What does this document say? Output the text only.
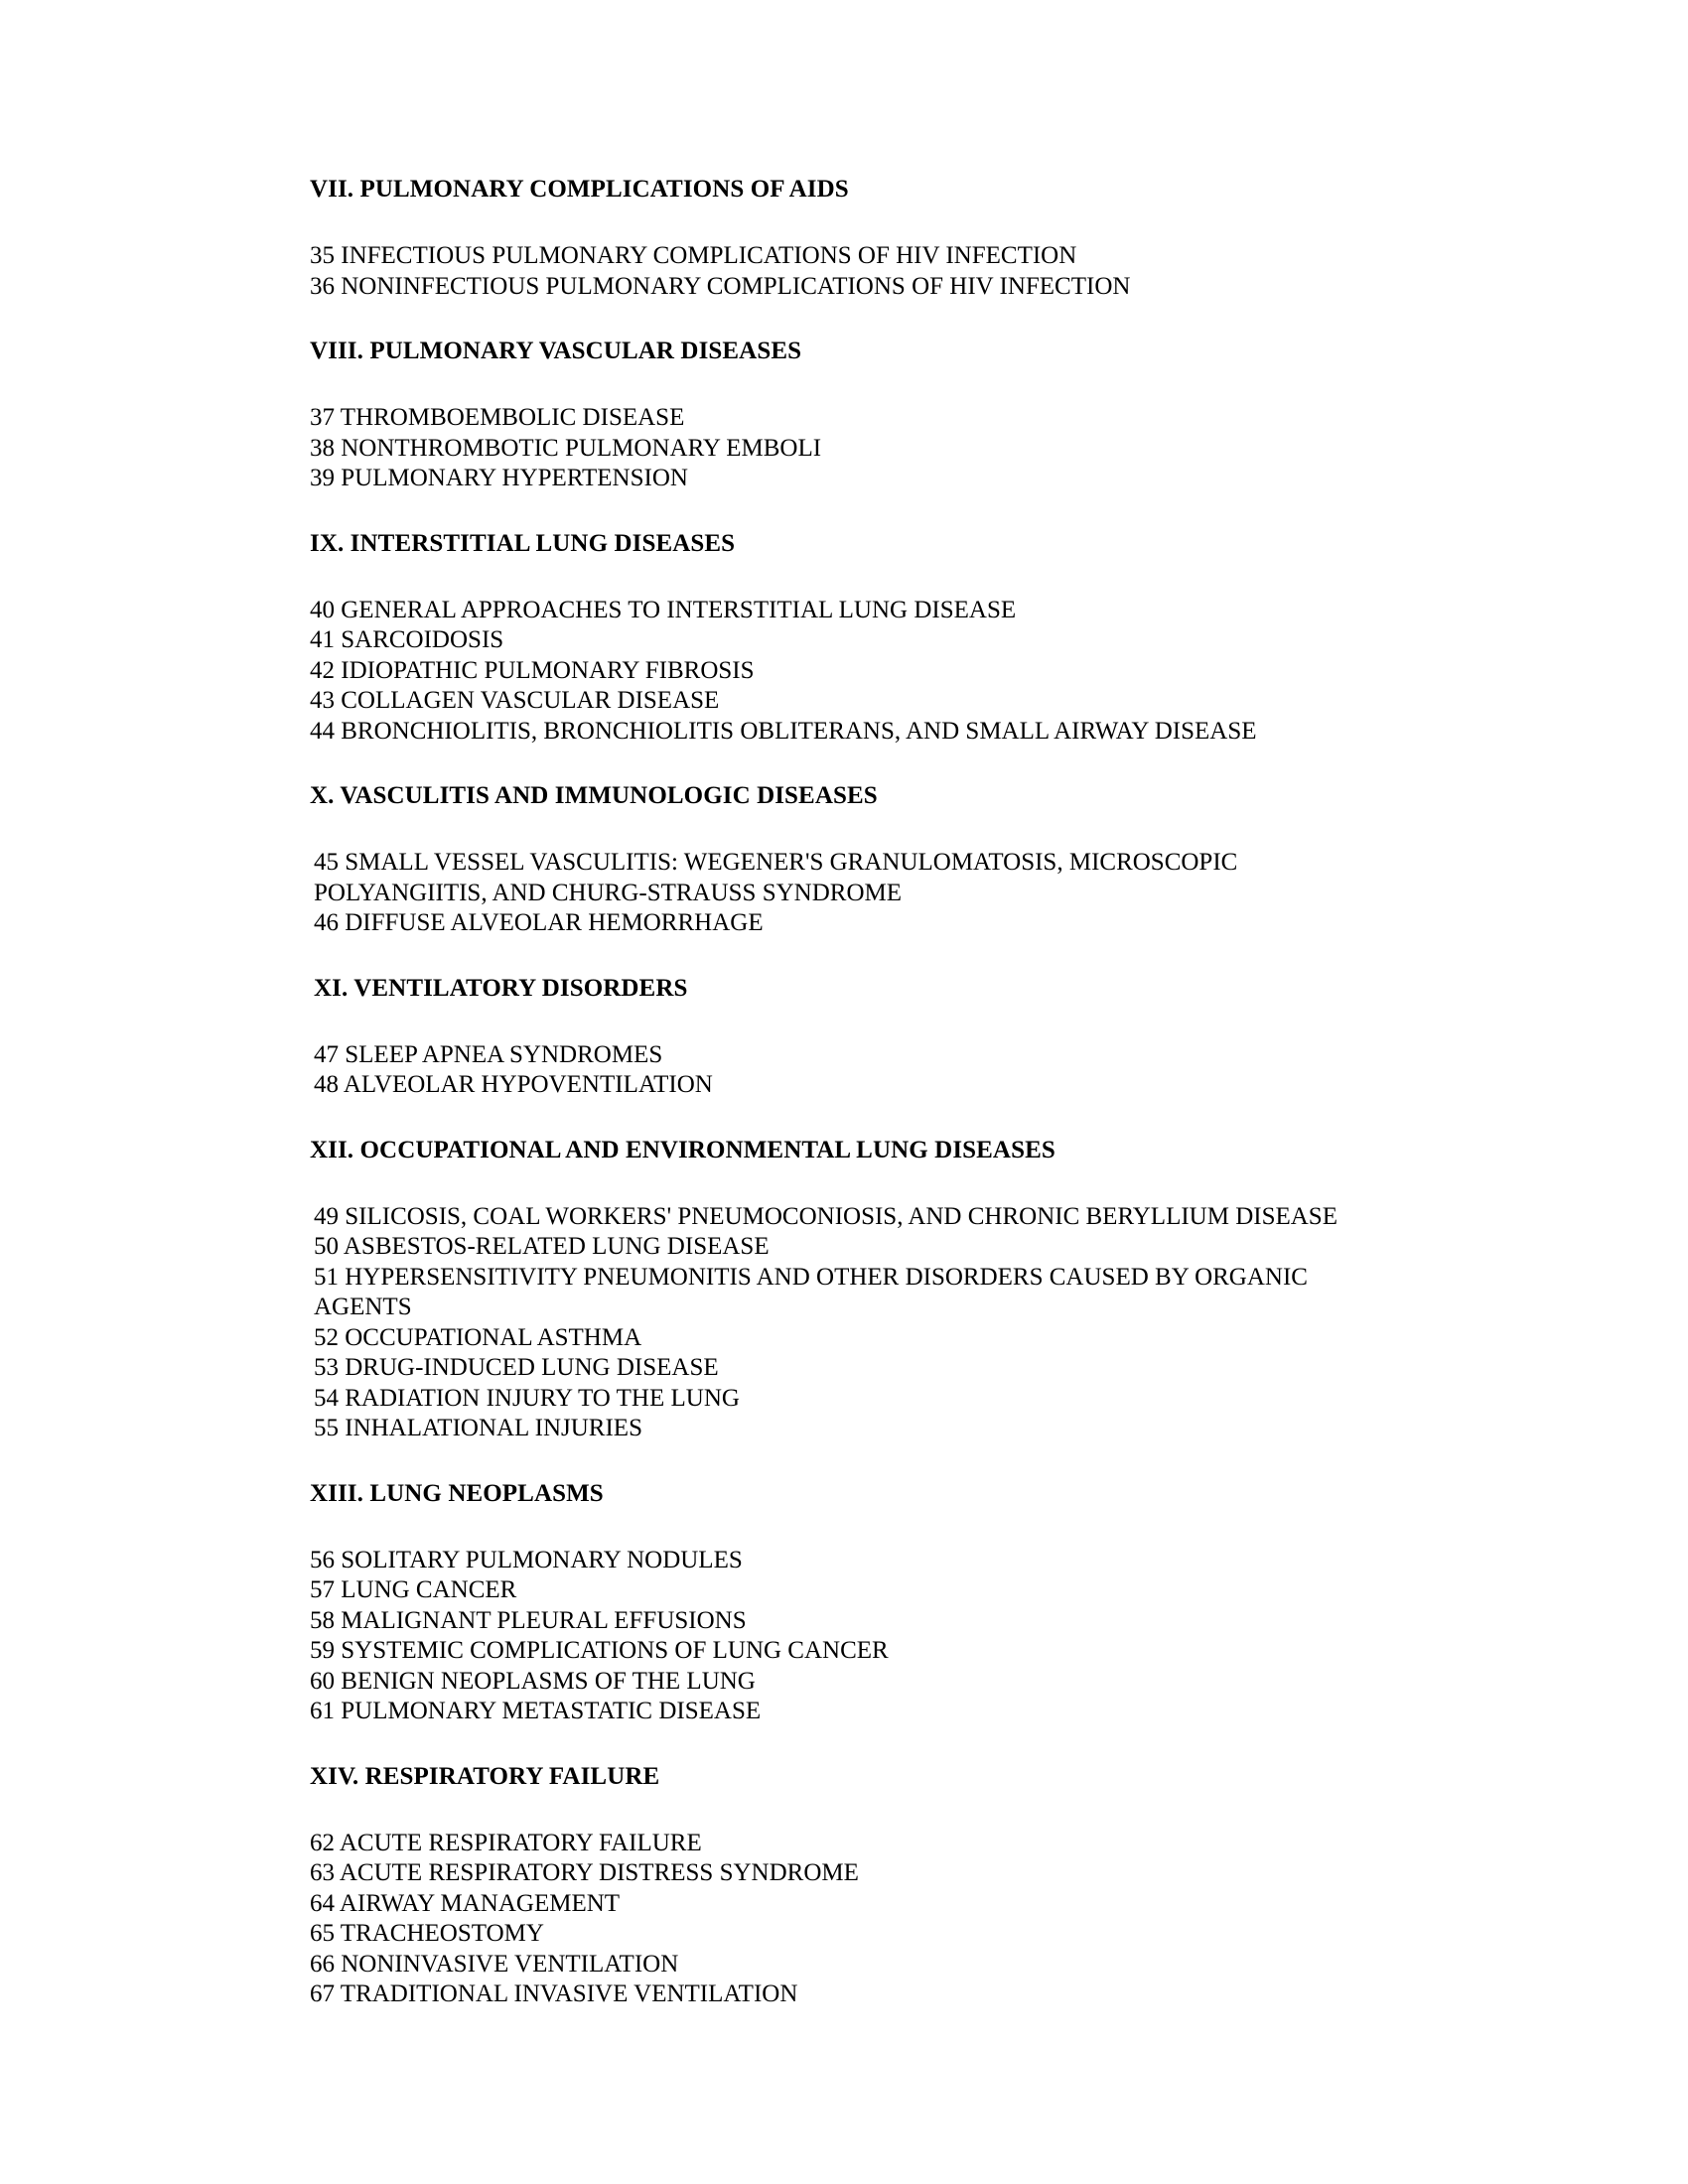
VII. PULMONARY COMPLICATIONS OF AIDS
35 INFECTIOUS PULMONARY COMPLICATIONS OF HIV INFECTION
36 NONINFECTIOUS PULMONARY COMPLICATIONS OF HIV INFECTION
VIII. PULMONARY VASCULAR DISEASES
37 THROMBOEMBOLIC DISEASE
38 NONTHROMBOTIC PULMONARY EMBOLI
39 PULMONARY HYPERTENSION
IX. INTERSTITIAL LUNG DISEASES
40 GENERAL APPROACHES TO INTERSTITIAL LUNG DISEASE
41 SARCOIDOSIS
42 IDIOPATHIC PULMONARY FIBROSIS
43 COLLAGEN VASCULAR DISEASE
44 BRONCHIOLITIS, BRONCHIOLITIS OBLITERANS, AND SMALL AIRWAY DISEASE
X. VASCULITIS AND IMMUNOLOGIC DISEASES
45 SMALL VESSEL VASCULITIS: WEGENER'S GRANULOMATOSIS, MICROSCOPIC POLYANGIITIS, AND CHURG-STRAUSS SYNDROME
46 DIFFUSE ALVEOLAR HEMORRHAGE
XI. VENTILATORY DISORDERS
47 SLEEP APNEA SYNDROMES
48 ALVEOLAR HYPOVENTILATION
XII. OCCUPATIONAL AND ENVIRONMENTAL LUNG DISEASES
49 SILICOSIS, COAL WORKERS' PNEUMOCONIOSIS, AND CHRONIC BERYLLIUM DISEASE
50 ASBESTOS-RELATED LUNG DISEASE
51 HYPERSENSITIVITY PNEUMONITIS AND OTHER DISORDERS CAUSED BY ORGANIC AGENTS
52 OCCUPATIONAL ASTHMA
53 DRUG-INDUCED LUNG DISEASE
54 RADIATION INJURY TO THE LUNG
55 INHALATIONAL INJURIES
XIII. LUNG NEOPLASMS
56 SOLITARY PULMONARY NODULES
57 LUNG CANCER
58 MALIGNANT PLEURAL EFFUSIONS
59 SYSTEMIC COMPLICATIONS OF LUNG CANCER
60 BENIGN NEOPLASMS OF THE LUNG
61 PULMONARY METASTATIC DISEASE
XIV. RESPIRATORY FAILURE
62 ACUTE RESPIRATORY FAILURE
63 ACUTE RESPIRATORY DISTRESS SYNDROME
64 AIRWAY MANAGEMENT
65 TRACHEOSTOMY
66 NONINVASIVE VENTILATION
67 TRADITIONAL INVASIVE VENTILATION
